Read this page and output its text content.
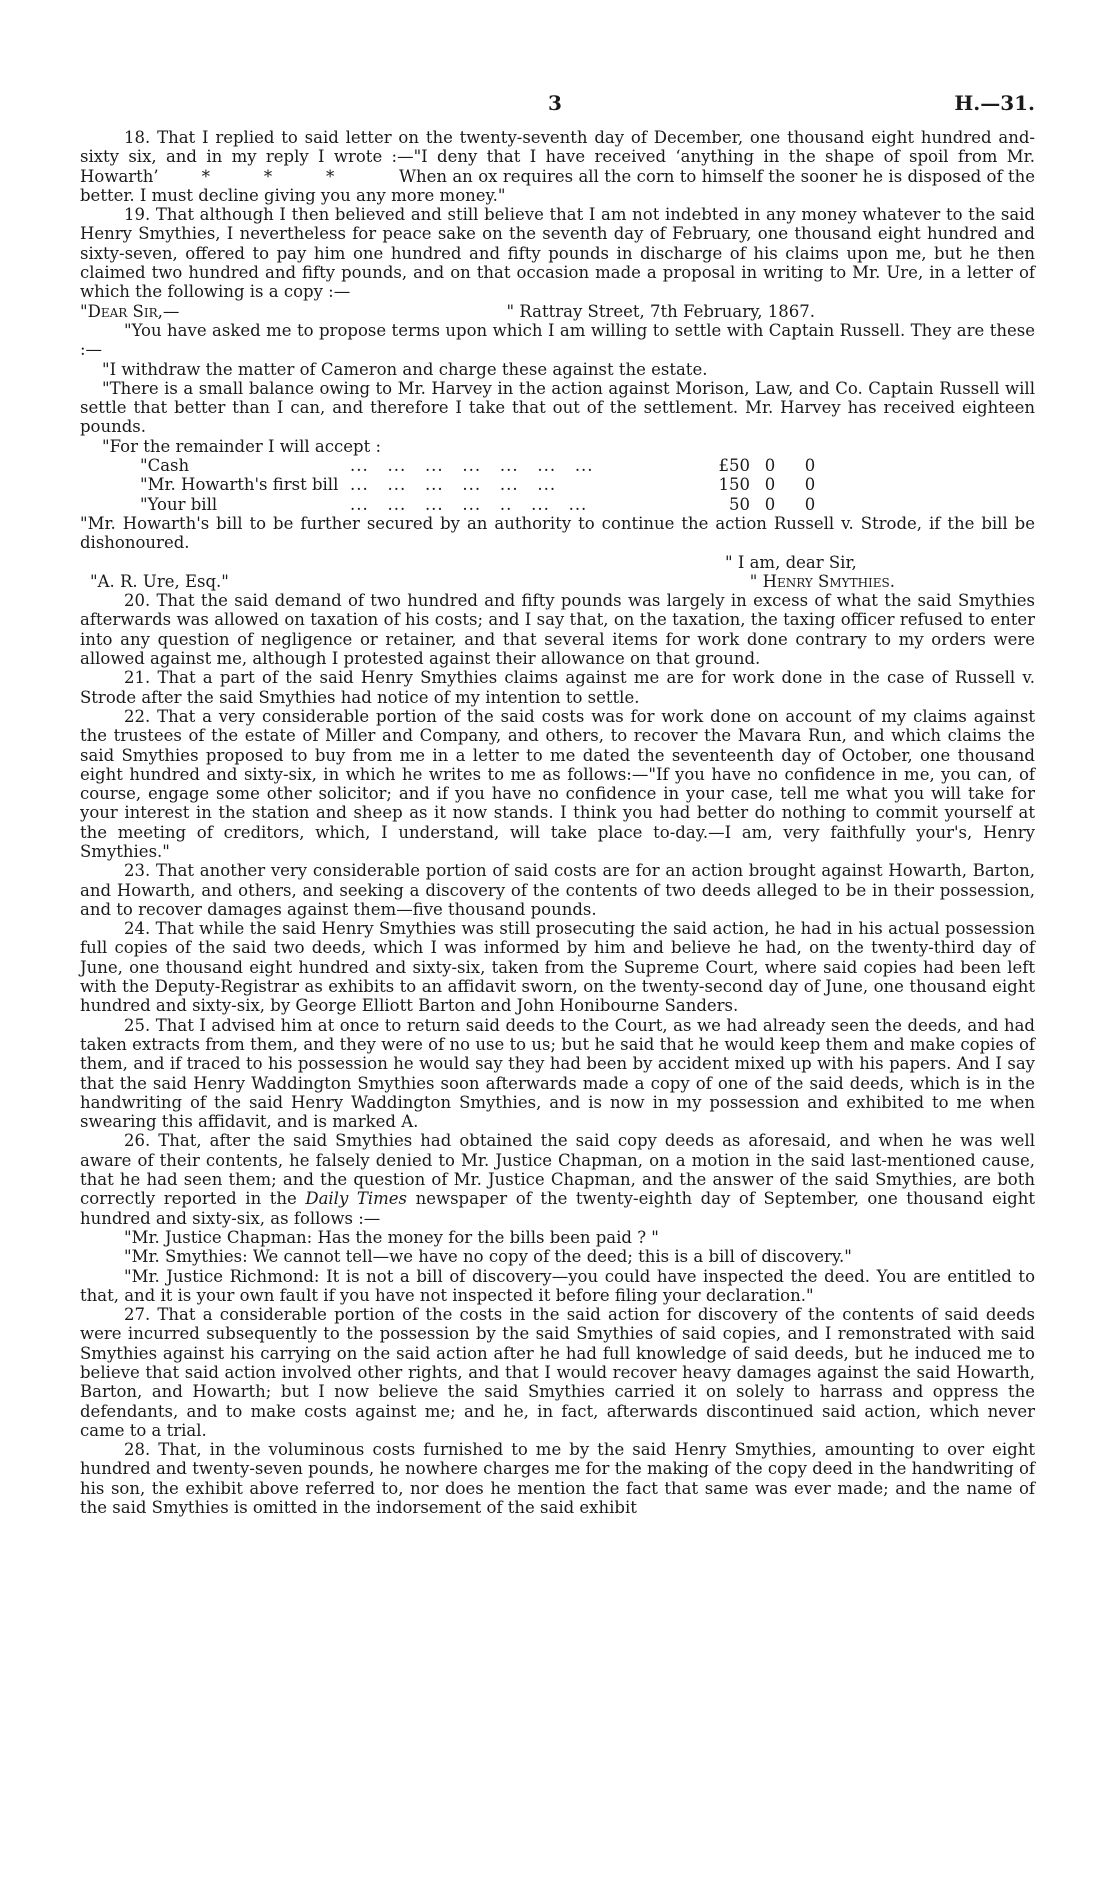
3	H.—31.

18. That I replied to said letter on the twenty-seventh day of December, one thousand eight hundred and-sixty six, and in my reply I wrote :—"I deny that I have received ‘anything in the shape of spoil from Mr. Howarth’	*          *          *	When an ox requires all the corn to himself the sooner he is disposed of the better. I must decline giving you any more money."

19. That although I then believed and still believe that I am not indebted in any money whatever to the said Henry Smythies, I nevertheless for peace sake on the seventh day of February, one thousand eight hundred and sixty-seven, offered to pay him one hundred and fifty pounds in discharge of his claims upon me, but he then claimed two hundred and fifty pounds, and on that occasion made a proposal in writing to Mr. Ure, in a letter of which the following is a copy :—

"Dear Sir,—	" Rattray Street, 7th February, 1867.

"You have asked me to propose terms upon which I am willing to settle with Captain Russell. They are these :—

"I withdraw the matter of Cameron and charge these against the estate.

"There is a small balance owing to Mr. Harvey in the action against Morison, Law, and Co. Captain Russell will settle that better than I can, and therefore I take that out of the settlement. Mr. Harvey has received eighteen pounds.

"For the remainder I will accept :

"Cash	...   ...   ...   ...   ...   ...   ...	£50	0	0
"Mr. Howarth's first bill	...   ...   ...   ...   ...   ...	150	0	0
"Your bill	...   ...   ...   ...   ..   ...   ...	50	0	0

"Mr. Howarth's bill to be further secured by an authority to continue the action Russell v. Strode, if the bill be dishonoured.

" I am, dear Sir,

"A. R. Ure, Esq."	" Henry Smythies.

20. That the said demand of two hundred and fifty pounds was largely in excess of what the said Smythies afterwards was allowed on taxation of his costs; and I say that, on the taxation, the taxing officer refused to enter into any question of negligence or retainer, and that several items for work done contrary to my orders were allowed against me, although I protested against their allowance on that ground.

21. That a part of the said Henry Smythies claims against me are for work done in the case of Russell v. Strode after the said Smythies had notice of my intention to settle.

22. That a very considerable portion of the said costs was for work done on account of my claims against the trustees of the estate of Miller and Company, and others, to recover the Mavara Run, and which claims the said Smythies proposed to buy from me in a letter to me dated the seventeenth day of October, one thousand eight hundred and sixty-six, in which he writes to me as follows:—"If you have no confidence in me, you can, of course, engage some other solicitor; and if you have no confidence in your case, tell me what you will take for your interest in the station and sheep as it now stands. I think you had better do nothing to commit yourself at the meeting of creditors, which, I understand, will take place to-day.—I am, very faithfully your's, Henry Smythies."

23. That another very considerable portion of said costs are for an action brought against Howarth, Barton, and Howarth, and others, and seeking a discovery of the contents of two deeds alleged to be in their possession, and to recover damages against them—five thousand pounds.

24. That while the said Henry Smythies was still prosecuting the said action, he had in his actual possession full copies of the said two deeds, which I was informed by him and believe he had, on the twenty-third day of June, one thousand eight hundred and sixty-six, taken from the Supreme Court, where said copies had been left with the Deputy-Registrar as exhibits to an affidavit sworn, on the twenty-second day of June, one thousand eight hundred and sixty-six, by George Elliott Barton and John Honibourne Sanders.

25. That I advised him at once to return said deeds to the Court, as we had already seen the deeds, and had taken extracts from them, and they were of no use to us; but he said that he would keep them and make copies of them, and if traced to his possession he would say they had been by accident mixed up with his papers. And I say that the said Henry Waddington Smythies soon afterwards made a copy of one of the said deeds, which is in the handwriting of the said Henry Waddington Smythies, and is now in my possession and exhibited to me when swearing this affidavit, and is marked A.

26. That, after the said Smythies had obtained the said copy deeds as aforesaid, and when he was well aware of their contents, he falsely denied to Mr. Justice Chapman, on a motion in the said last-mentioned cause, that he had seen them; and the question of Mr. Justice Chapman, and the answer of the said Smythies, are both correctly reported in the Daily Times newspaper of the twenty-eighth day of September, one thousand eight hundred and sixty-six, as follows :—

"Mr. Justice Chapman: Has the money for the bills been paid ? "

"Mr. Smythies: We cannot tell—we have no copy of the deed; this is a bill of discovery."

"Mr. Justice Richmond: It is not a bill of discovery—you could have inspected the deed. You are entitled to that, and it is your own fault if you have not inspected it before filing your declaration."

27. That a considerable portion of the costs in the said action for discovery of the contents of said deeds were incurred subsequently to the possession by the said Smythies of said copies, and I remonstrated with said Smythies against his carrying on the said action after he had full knowledge of said deeds, but he induced me to believe that said action involved other rights, and that I would recover heavy damages against the said Howarth, Barton, and Howarth; but I now believe the said Smythies carried it on solely to harrass and oppress the defendants, and to make costs against me; and he, in fact, afterwards discontinued said action, which never came to a trial.

28. That, in the voluminous costs furnished to me by the said Henry Smythies, amounting to over eight hundred and twenty-seven pounds, he nowhere charges me for the making of the copy deed in the handwriting of his son, the exhibit above referred to, nor does he mention the fact that same was ever made; and the name of the said Smythies is omitted in the indorsement of the said exhibit
